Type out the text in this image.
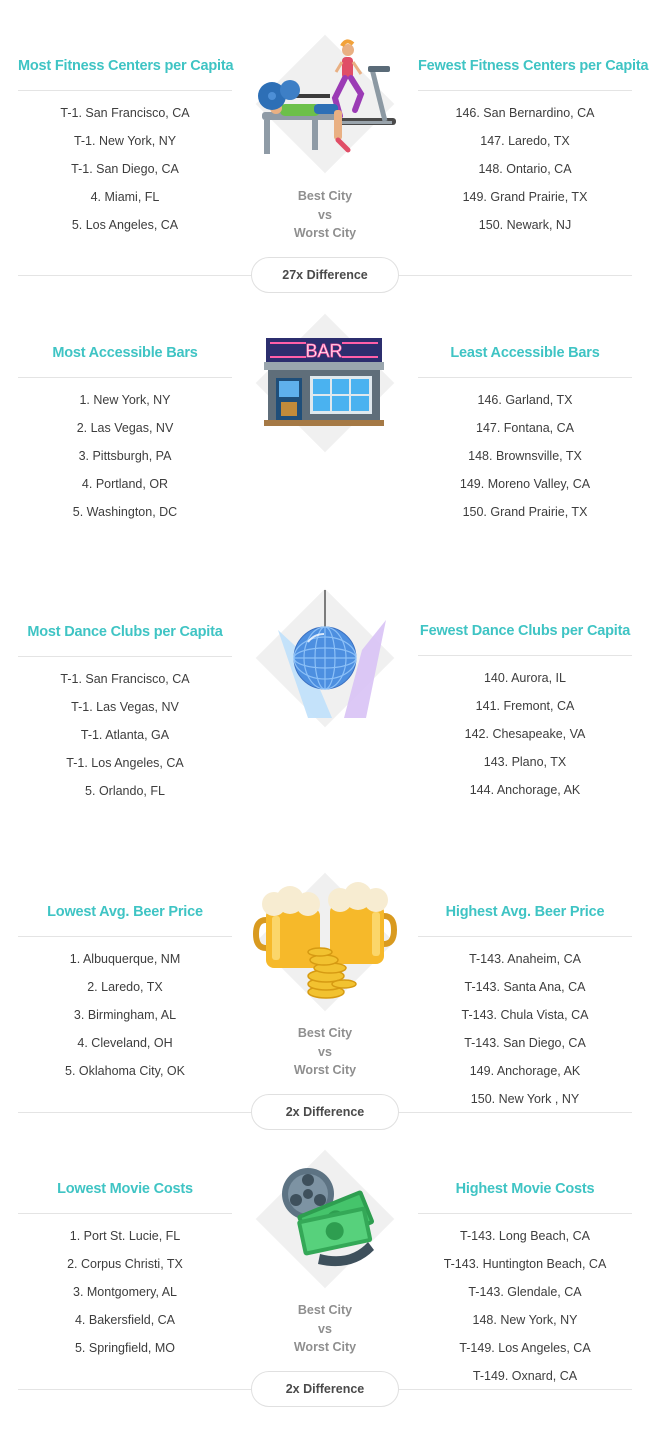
Most Fitness Centers per Capita
T-1. San Francisco, CA
T-1. New York, NY
T-1. San Diego, CA
4. Miami, FL
5. Los Angeles, CA
Fewest Fitness Centers per Capita
146. San Bernardino, CA
147. Laredo, TX
148. Ontario, CA
149. Grand Prairie, TX
150. Newark, NJ
Best City
vs
Worst City
27x Difference
Most Accessible Bars
1. New York, NY
2. Las Vegas, NV
3. Pittsburgh, PA
4. Portland, OR
5. Washington, DC
BAR	Least Accessible Bars
146. Garland, TX
147. Fontana, CA
148. Brownsville, TX
149. Moreno Valley, CA
150. Grand Prairie, TX
Most Dance Clubs per Capita
T-1. San Francisco, CA
T-1. Las Vegas, NV
T-1. Atlanta, GA
T-1. Los Angeles, CA
5. Orlando, FL
Fewest Dance Clubs per Capita
140. Aurora, IL
141. Fremont, CA
142. Chesapeake, VA
143. Plano, TX
144. Anchorage, AK
Lowest Avg. Beer Price
1. Albuquerque, NM
2. Laredo, TX
3. Birmingham, AL
4. Cleveland, OH
5. Oklahoma City, OK
Highest Avg. Beer Price
T-143. Anaheim, CA
T-143. Santa Ana, CA
T-143. Chula Vista, CA
T-143. San Diego, CA
149. Anchorage, AK
150. New York , NY
Best City
vs
Worst City
2x Difference
Lowest Movie Costs
1. Port St. Lucie, FL
2. Corpus Christi, TX
3. Montgomery, AL
4. Bakersfield, CA
5. Springfield, MO
Highest Movie Costs
T-143. Long Beach, CA
T-143. Huntington Beach, CA
T-143. Glendale, CA
148. New York, NY
T-149. Los Angeles, CA
T-149. Oxnard, CA
Best City
vs
Worst City
2x Difference
